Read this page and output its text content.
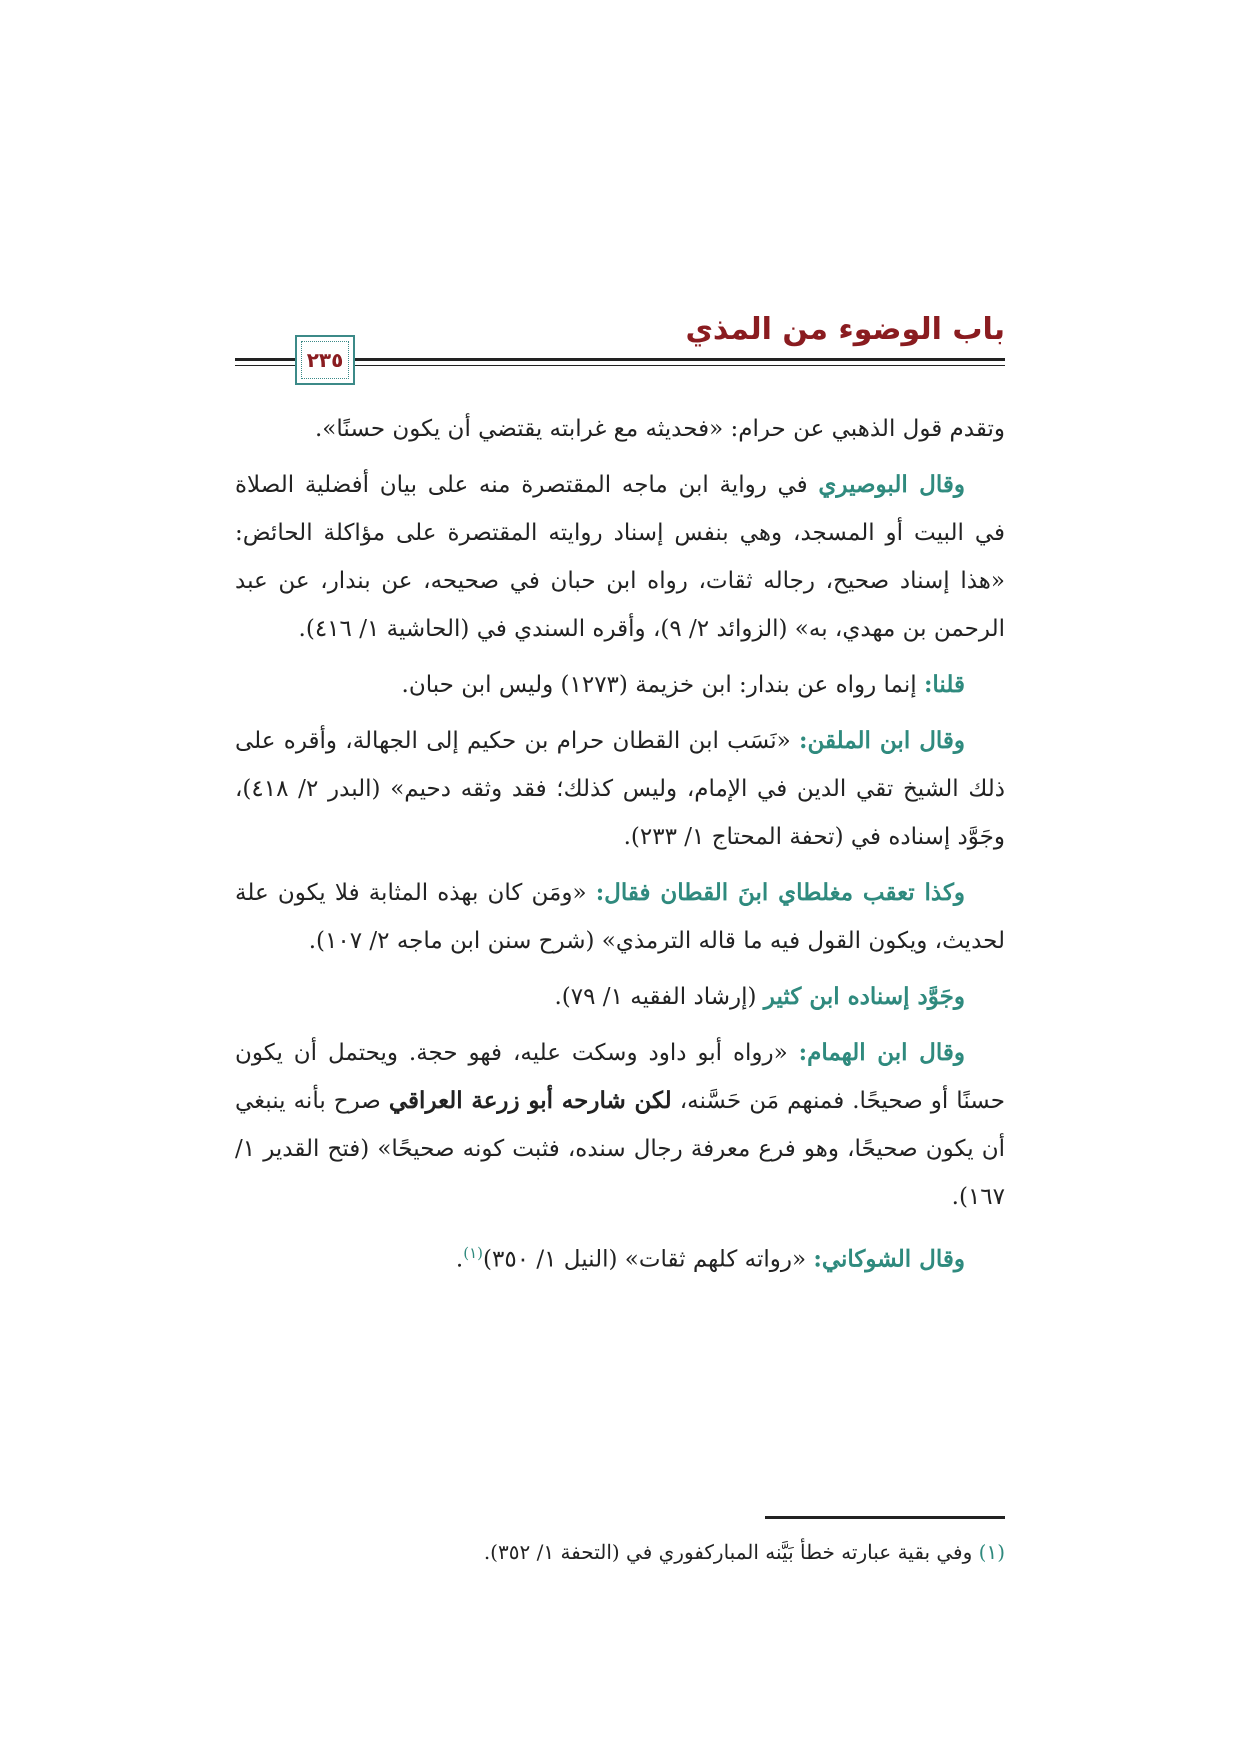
باب الوضوء من المذي
٢٣٥

وتقدم قول الذهبي عن حرام: «فحديثه مع غرابته يقتضي أن يكون حسنًا».

وقال البوصيري في رواية ابن ماجه المقتصرة منه على بيان أفضلية الصلاة في البيت أو المسجد، وهي بنفس إسناد روايته المقتصرة على مؤاكلة الحائض: «هذا إسناد صحيح، رجاله ثقات، رواه ابن حبان في صحيحه، عن بندار، عن عبد الرحمن بن مهدي، به» (الزوائد ٢/ ٩)، وأقره السندي في (الحاشية ١/ ٤١٦).

قلنا: إنما رواه عن بندار: ابن خزيمة (١٢٧٣) وليس ابن حبان.

وقال ابن الملقن: «نَسَب ابن القطان حرام بن حكيم إلى الجهالة، وأقره على ذلك الشيخ تقي الدين في الإمام، وليس كذلك؛ فقد وثقه دحيم» (البدر ٢/ ٤١٨)، وجَوَّد إسناده في (تحفة المحتاج ١/ ٢٣٣).

وكذا تعقب مغلطاي ابنَ القطان فقال: «ومَن كان بهذه المثابة فلا يكون علة لحديث، ويكون القول فيه ما قاله الترمذي» (شرح سنن ابن ماجه ٢/ ١٠٧).

وجَوَّد إسناده ابن كثير (إرشاد الفقيه ١/ ٧٩).

وقال ابن الهمام: «رواه أبو داود وسكت عليه، فهو حجة. ويحتمل أن يكون حسنًا أو صحيحًا. فمنهم مَن حَسَّنه، لكن شارحه أبو زرعة العراقي صرح بأنه ينبغي أن يكون صحيحًا، وهو فرع معرفة رجال سنده، فثبت كونه صحيحًا» (فتح القدير ١/ ١٦٧).

وقال الشوكاني: «رواته كلهم ثقات» (النيل ١/ ٣٥٠)$^{(١)}$.

(١) وفي بقية عبارته خطأ بَيَّنه المباركفوري في (التحفة ١/ ٣٥٢).
